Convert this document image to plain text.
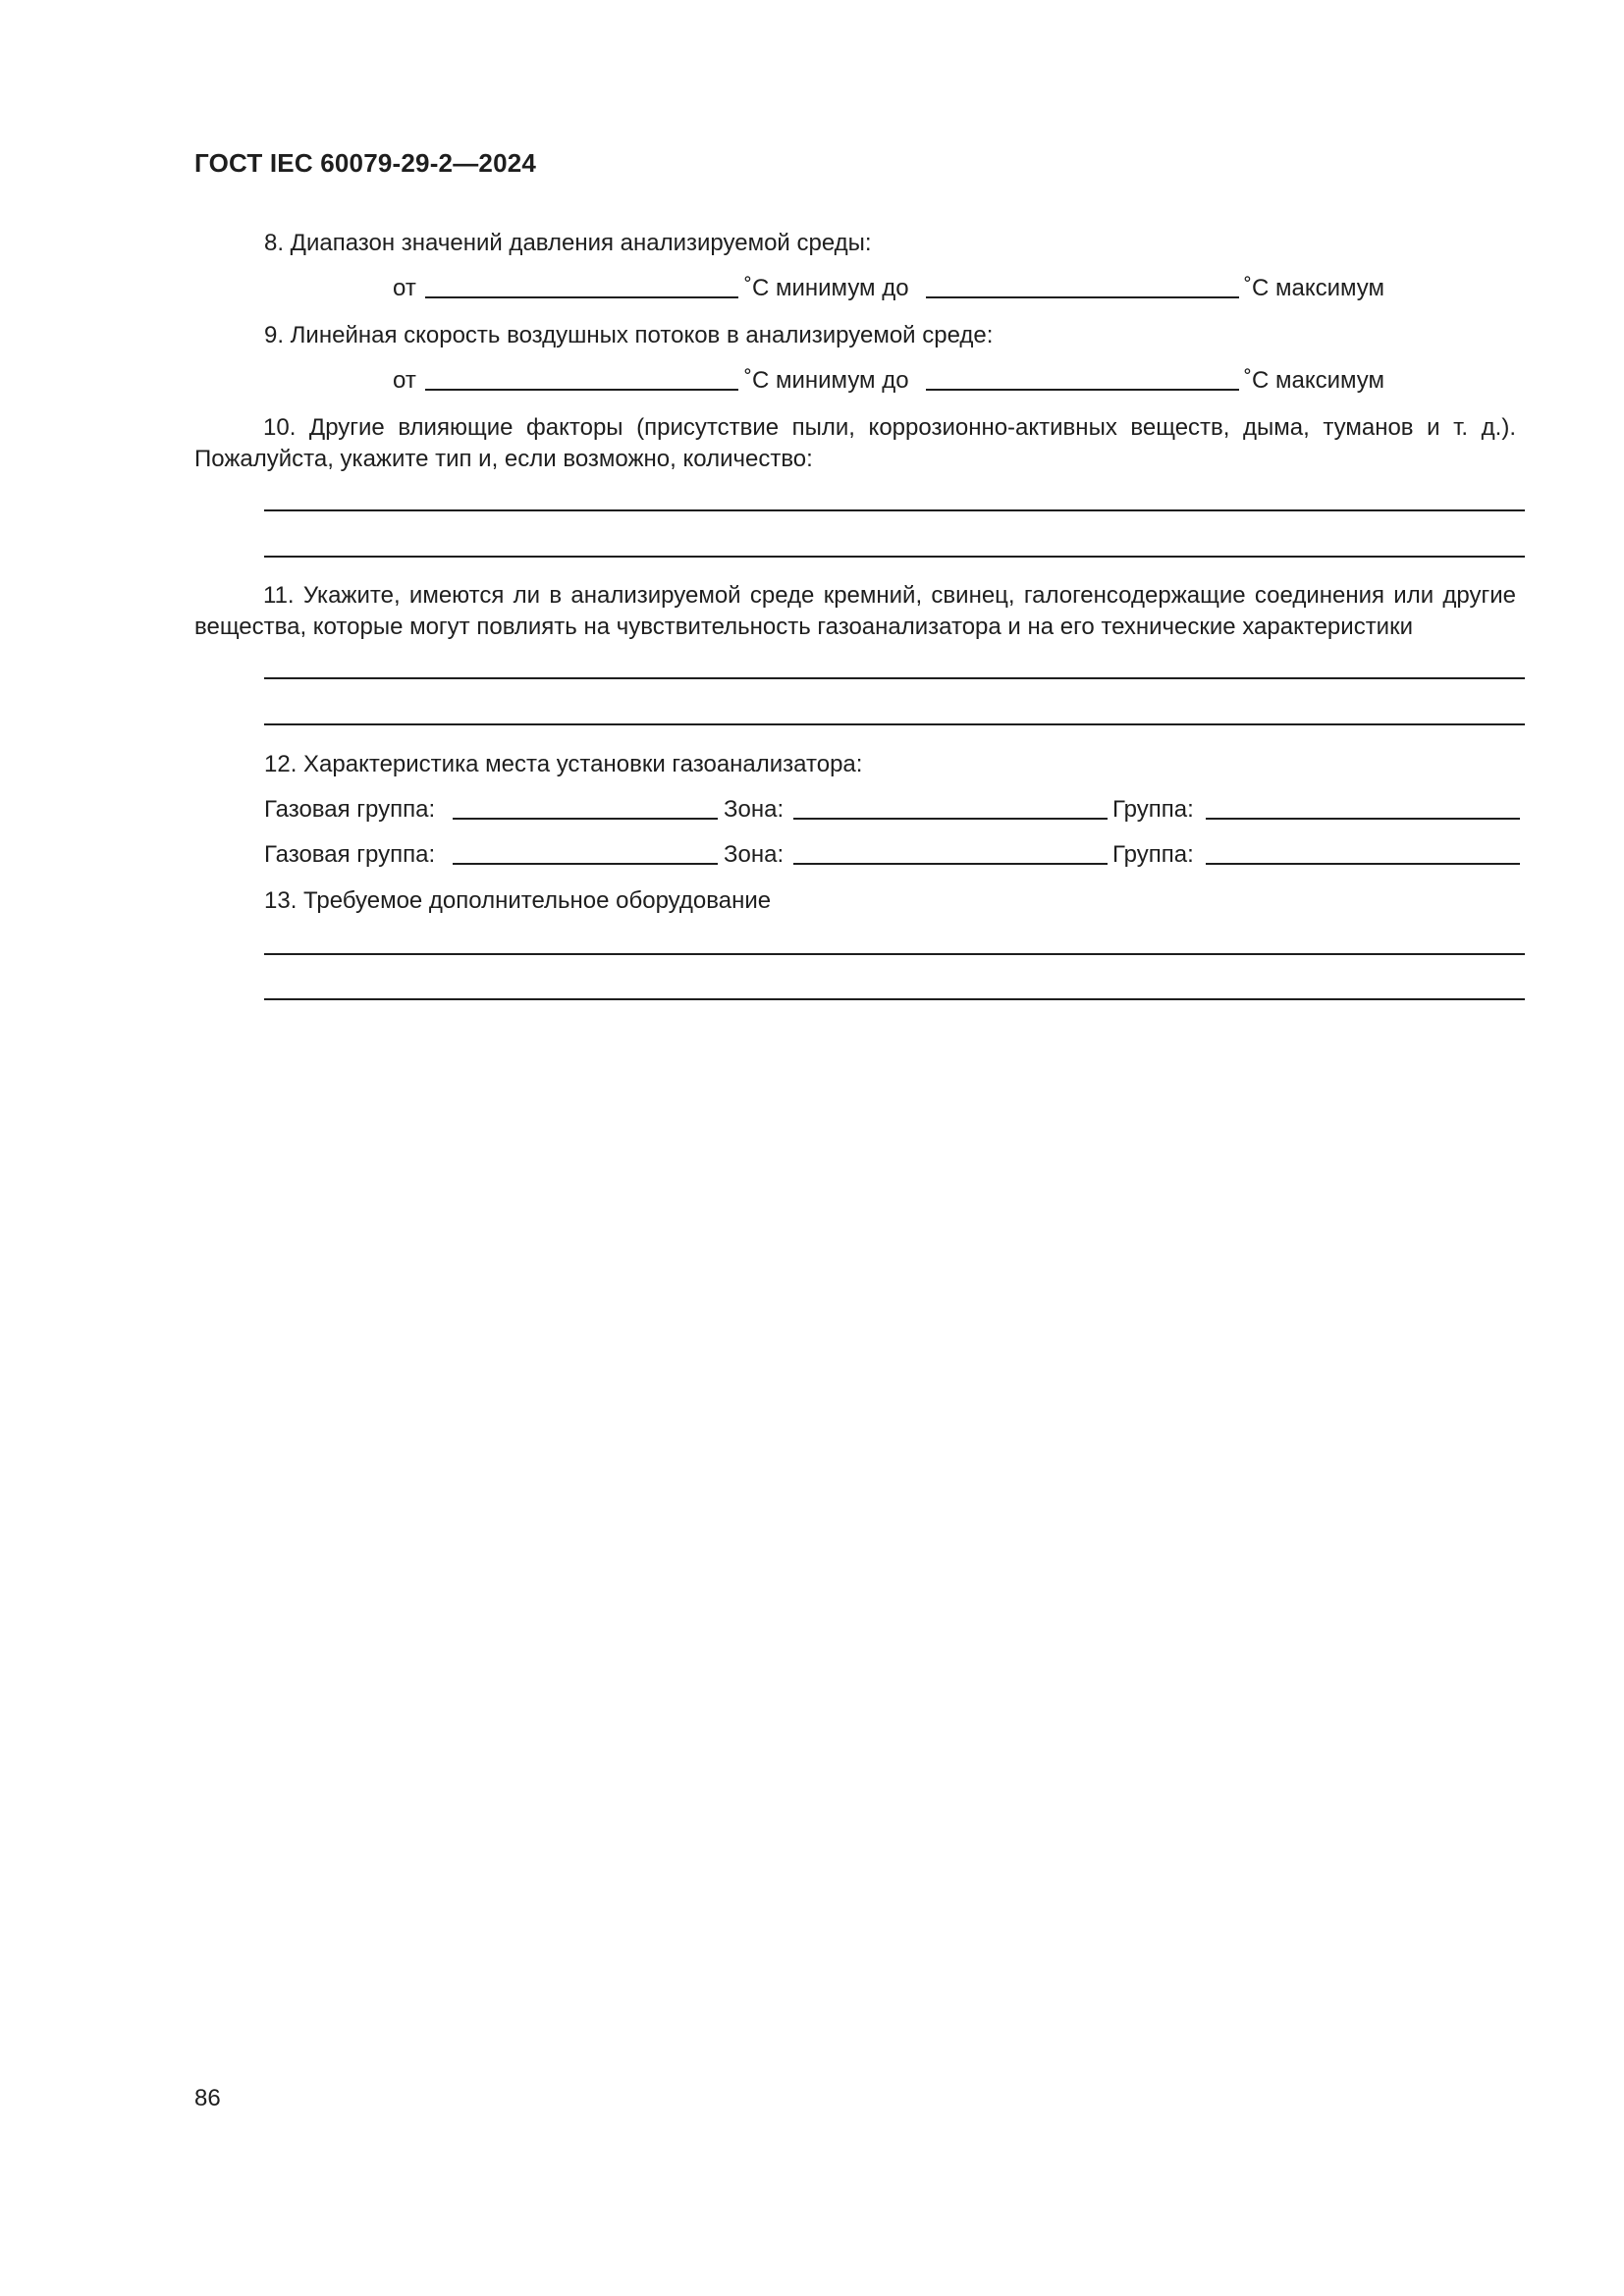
ГОСТ IEC 60079-29-2—2024
8. Диапазон значений давления анализируемой среды:
от	˚С минимум до	˚С максимум
9. Линейная скорость воздушных потоков в анализируемой среде:
от	˚С минимум до	˚С максимум
10. Другие влияющие факторы (присутствие пыли, коррозионно-активных веществ, дыма, туманов и т. д.). Пожалуйста, укажите тип и, если возможно, количество:
11. Укажите, имеются ли в анализируемой среде кремний, свинец, галогенсодержащие соединения или другие вещества, которые могут повлиять на чувствительность газоанализатора и на его технические характеристики
12. Характеристика места установки газоанализатора:
Газовая группа:	Зона:	Группа:
Газовая группа:	Зона:	Группа:
13. Требуемое дополнительное оборудование
86
